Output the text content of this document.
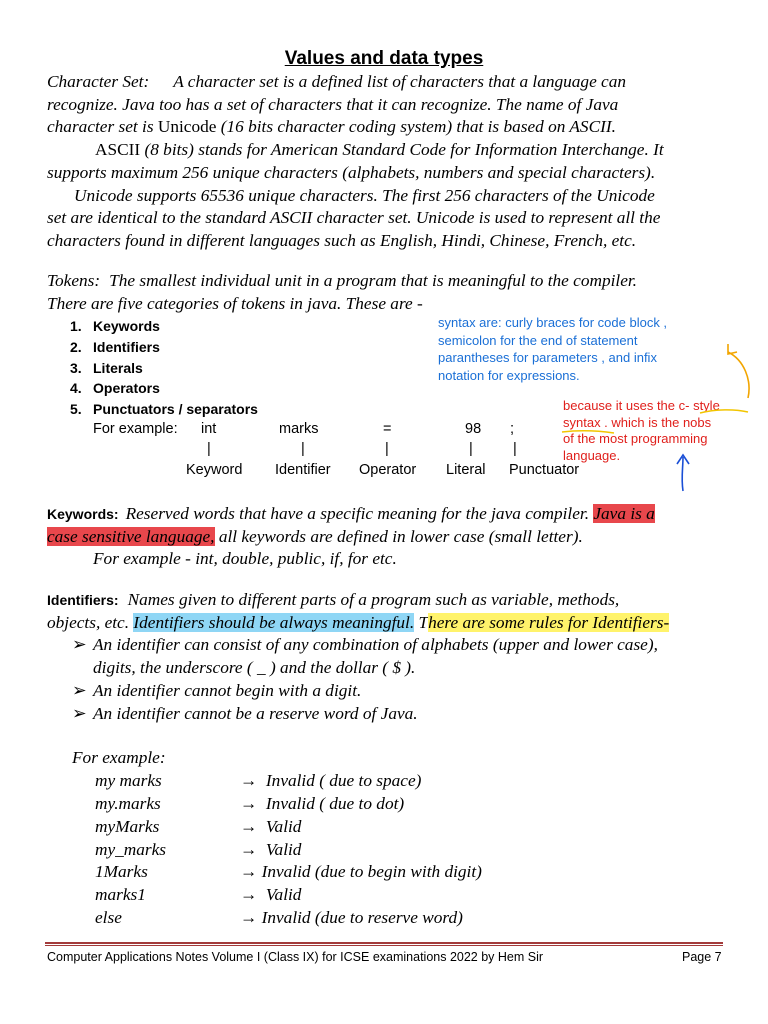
Values and data types
Character Set: A character set is a defined list of characters that a language can
recognize. Java too has a set of characters that it can recognize. The name of Java
character set is Unicode (16 bits character coding system) that is based on ASCII.
ASCII (8 bits) stands for American Standard Code for Information Interchange. It
supports maximum 256 unique characters (alphabets, numbers and special characters).
Unicode supports 65536 unique characters. The first 256 characters of the Unicode
set are identical to the standard ASCII character set. Unicode is used to represent all the
characters found in different languages such as English, Hindi, Chinese, French, etc.
Tokens: The smallest individual unit in a program that is meaningful to the compiler.
There are five categories of tokens in java. These are -
1. Keywords
2. Identifiers
3. Literals
4. Operators
5. Punctuators / separators
For example: int	marks	=	98 ;
|	|	|	|	|
Keyword Identifier Operator Literal Punctuator
syntax are: curly braces for code block ,
semicolon for the end of statement
parantheses for parameters , and infix
notation for expressions.
because it uses the c- style
syntax . which is the nobs
of the most programming
language.
Keywords: Reserved words that have a specific meaning for the java compiler. Java is a
case sensitive language, all keywords are defined in lower case (small letter).
For example - int, double, public, if, for etc.
Identifiers: Names given to different parts of a program such as variable, methods,
objects, etc. Identifiers should be always meaningful. There are some rules for Identifiers-
➢ An identifier can consist of any combination of alphabets (upper and lower case),
digits, the underscore ( _ ) and the dollar ( $ ).
➢ An identifier cannot begin with a digit.
➢ An identifier cannot be a reserve word of Java.
For example:
my marks	→ Invalid ( due to space)
my.marks	→ Invalid ( due to dot)
myMarks	→ Valid
my_marks	→ Valid
1Marks	→ Invalid (due to begin with digit)
marks1	→ Valid
else	→ Invalid (due to reserve word)
Computer Applications Notes Volume I (Class IX) for ICSE examinations 2022 by Hem Sir	Page 7
